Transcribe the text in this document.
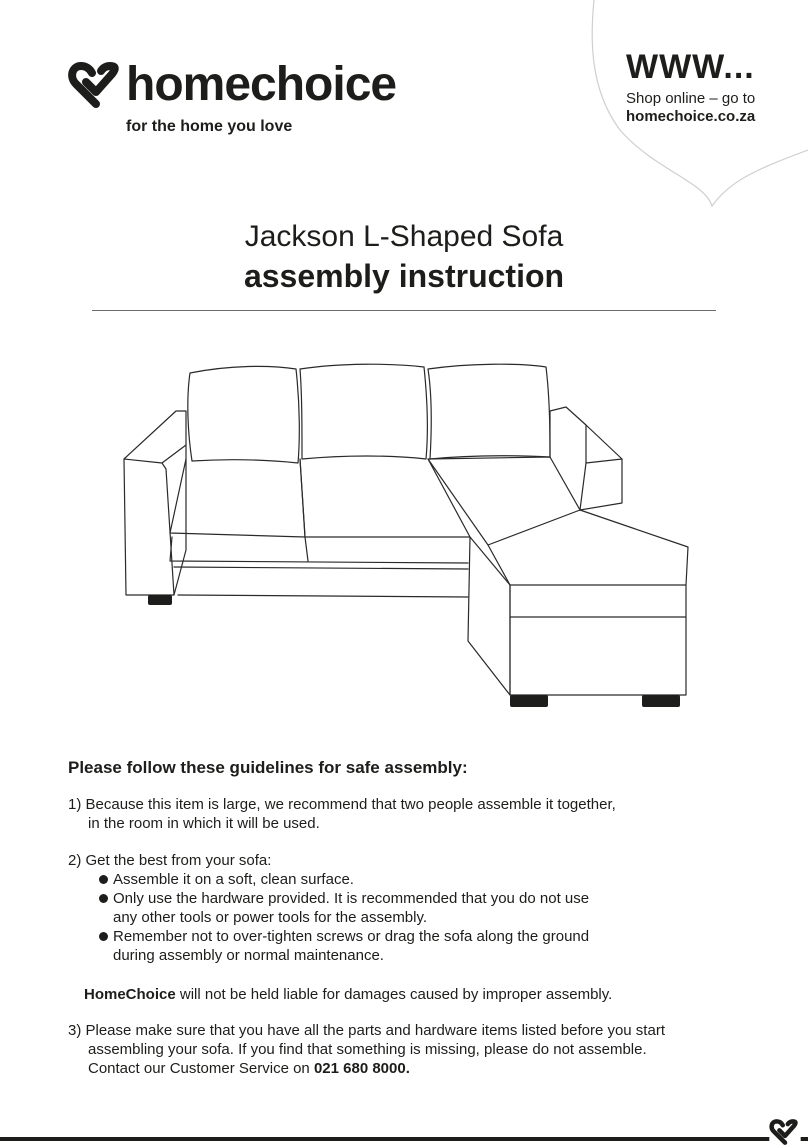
homechoice
for the home you love
WWW...
Shop online – go to
homechoice.co.za
Jackson L-Shaped Sofa
assembly instruction
Please follow these guidelines for safe assembly:
1) Because this item is large, we recommend that two people assemble it together,
in the room in which it will be used.
2) Get the best from your sofa:
Assemble it on a soft, clean surface.
Only use the hardware provided. It is recommended that you do not use
any other tools or power tools for the assembly.
Remember not to over-tighten screws or drag the sofa along the ground
during assembly or normal maintenance.
HomeChoice will not be held liable for damages caused by improper assembly.
3) Please make sure that you have all the parts and hardware items listed before you start
assembling your sofa. If you find that something is missing, please do not assemble.
Contact our Customer Service on 021 680 8000.
